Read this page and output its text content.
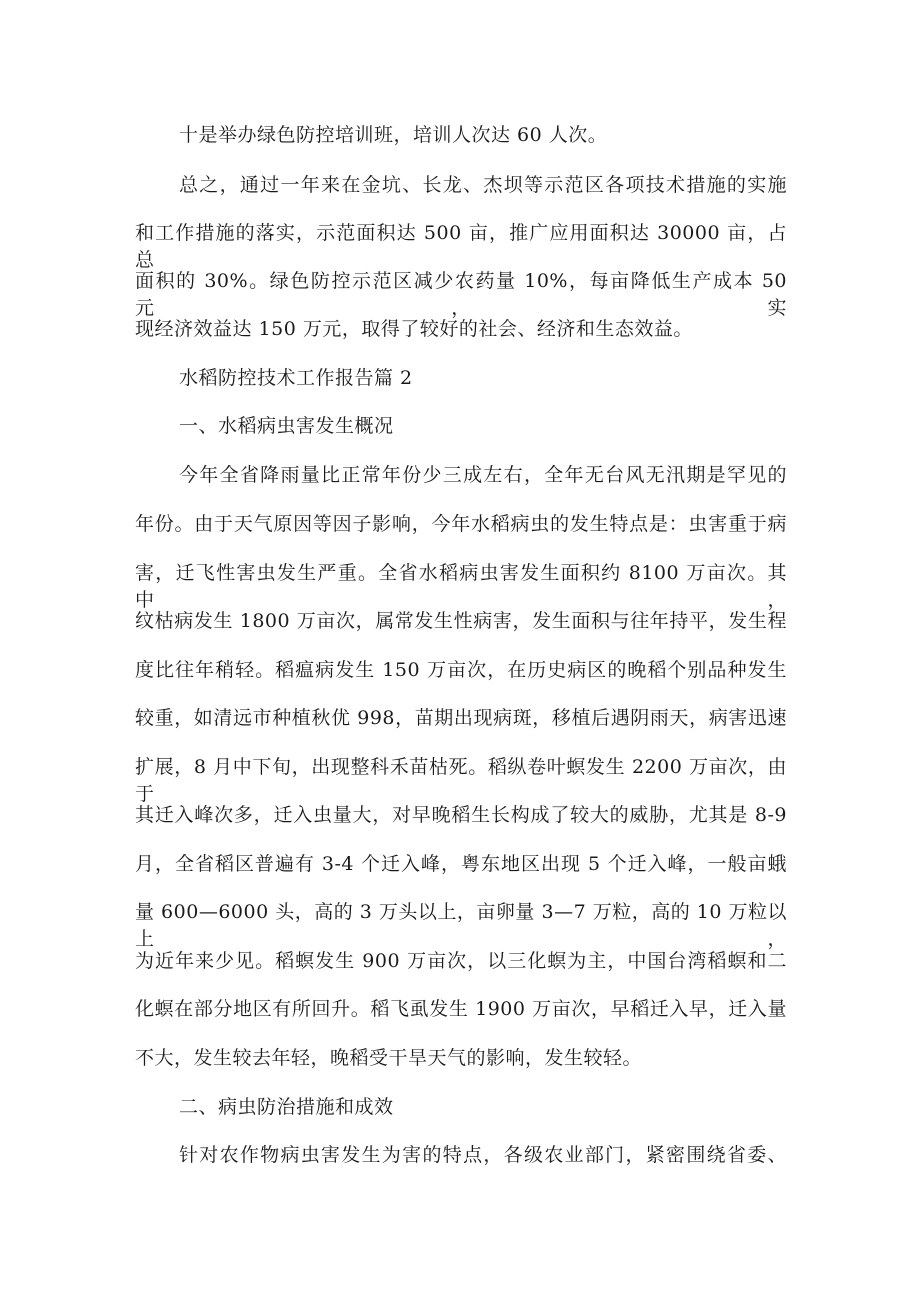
十是举办绿色防控培训班，培训人次达 60 人次。
总之，通过一年来在金坑、长龙、杰坝等示范区各项技术措施的实施
和工作措施的落实，示范面积达 500 亩，推广应用面积达 30000 亩，占总
面积的 30%。绿色防控示范区减少农药量 10%，每亩降低生产成本 50 元，实
现经济效益达 150 万元，取得了较好的社会、经济和生态效益。
水稻防控技术工作报告篇 2
一、水稻病虫害发生概况
今年全省降雨量比正常年份少三成左右，全年无台风无汛期是罕见的
年份。由于天气原因等因子影响，今年水稻病虫的发生特点是：虫害重于病
害，迁飞性害虫发生严重。全省水稻病虫害发生面积约 8100 万亩次。其中，
纹枯病发生 1800 万亩次，属常发生性病害，发生面积与往年持平，发生程
度比往年稍轻。稻瘟病发生 150 万亩次，在历史病区的晚稻个别品种发生
较重，如清远市种植秋优 998，苗期出现病斑，移植后遇阴雨天，病害迅速
扩展，8 月中下旬，出现整科禾苗枯死。稻纵卷叶螟发生 2200 万亩次，由于
其迁入峰次多，迁入虫量大，对早晚稻生长构成了较大的威胁，尤其是 8-9
月，全省稻区普遍有 3-4 个迁入峰，粤东地区出现 5 个迁入峰，一般亩蛾
量 600—6000 头，高的 3 万头以上，亩卵量 3—7 万粒，高的 10 万粒以上，
为近年来少见。稻螟发生 900 万亩次，以三化螟为主，中国台湾稻螟和二
化螟在部分地区有所回升。稻飞虱发生 1900 万亩次，早稻迁入早，迁入量
不大，发生较去年轻，晚稻受干旱天气的影响，发生较轻。
二、病虫防治措施和成效
针对农作物病虫害发生为害的特点，各级农业部门，紧密围绕省委、
